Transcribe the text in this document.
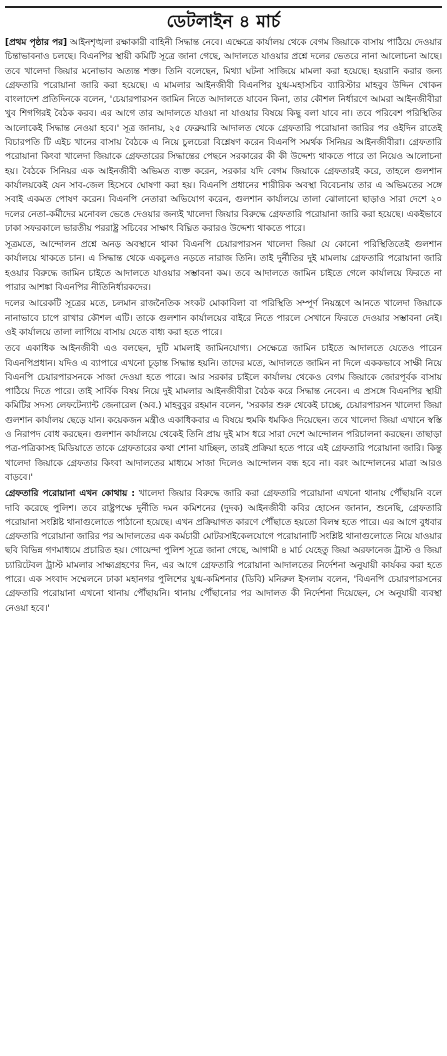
ডেটলাইন ৪ মার্চ

[প্রথম পৃষ্ঠার পর] আইনশৃঙ্খলা রক্ষাকারী বাহিনী সিদ্ধান্ত নেবে। এক্ষেত্রে কার্যালয় থেকে বেগম জিয়াকে বাসায় পাঠিয়ে দেওয়ার চিন্তাভাবনাও চলছে। বিএনপির স্থায়ী কমিটি সূত্রে জানা গেছে, আদালতে যাওয়ার প্রশ্নে দলের ভেতরে নানা আলোচনা আছে। তবে খালেদা জিয়ার মনোভাব অত্যন্ত শক্ত। তিনি বলেছেন, মিথ্যা ঘটনা সাজিয়ে মামলা করা হয়েছে। হয়রানি করার জন্য গ্রেফতারি পরোয়ানা জারি করা হয়েছে। এ মামলার আইনজীবী বিএনপির যুগ্ম-মহাসচিব ব্যারিস্টার মাহবুব উদ্দিন খোকন বাংলাদেশ প্রতিদিনকে বলেন, 'চেয়ারপারসন জামিন নিতে আদালতে যাবেন কিনা, তার কৌশল নির্ধারণে আমরা আইনজীবীরা খুব শিগগিরই বৈঠক করব। এর আগে তার আদালতে যাওয়া না যাওয়ার বিষয়ে কিছু বলা যাবে না। তবে পরিবেশ পরিস্থিতির আলোকেই সিদ্ধান্ত নেওয়া হবে।' সূত্র জানায়, ২৫ ফেব্রুয়ারি আদালত থেকে গ্রেফতারি পরোয়ানা জারির পর ওইদিন রাতেই বিচারপতি টি এইচ খানের বাসায় বৈঠকে এ নিয়ে চুলচেরা বিশ্লেষণ করেন বিএনপি সমর্থক সিনিয়র আইনজীবীরা। গ্রেফতারি পরোয়ানা কিংবা খালেদা জিয়াকে গ্রেফতারের সিদ্ধান্তের পেছনে সরকারের কী কী উদ্দেশ্য থাকতে পারে তা নিয়েও আলোচনা হয়। বৈঠকে সিনিয়র এক আইনজীবী অভিমত ব্যক্ত করেন, সরকার যদি বেগম জিয়াকে গ্রেফতারই করে, তাহলে গুলশান কার্যালয়কেই যেন সাব-জেল হিসেবে ঘোষণা করা হয়। বিএনপি প্রধানের শারীরিক অবস্থা বিবেচনায় তার এ অভিমতের সঙ্গে সবাই একমত পোষণ করেন। বিএনপি নেতারা অভিযোগ করেন, গুলশান কার্যালয়ে তালা ঝোলানো ছাড়াও সারা দেশে ২০ দলের নেতা-কর্মীদের মনোবল ভেঙে দেওয়ার জন্যই খালেদা জিয়ার বিরুদ্ধে গ্রেফতারি পরোয়ানা জারি করা হয়েছে। একইভাবে ঢাকা সফরকালে ভারতীয় পররাষ্ট্র সচিবের সাক্ষাৎ বিঘ্নিত করারও উদ্দেশ্য থাকতে পারে।

সূত্রমতে, আন্দোলন প্রশ্নে অনড় অবস্থানে থাকা বিএনপি চেয়ারপারসন খালেদা জিয়া যে কোনো পরিস্থিতিতেই গুলশান কার্যালয়ে থাকতে চান। এ সিদ্ধান্ত থেকে একচুলও নড়তে নারাজ তিনি। তাই দুর্নীতির দুই মামলায় গ্রেফতারি পরোয়ানা জারি হওয়ার বিরুদ্ধে জামিন চাইতে আদালতে যাওয়ার সম্ভাবনা কম। তবে আদালতে জামিন চাইতে গেলে কার্যালয়ে ফিরতে না পারার আশঙ্কা বিএনপির নীতিনির্ধারকদের।

দলের আরেকটি সূত্রের মতে, চলমান রাজনৈতিক সংকট মোকাবিলা বা পরিস্থিতি সম্পূর্ণ নিয়ন্ত্রণে আনতে খালেদা জিয়াকে নানাভাবে চাপে রাখার কৌশল এটি। তাকে গুলশান কার্যালয়ের বাইরে নিতে পারলে সেখানে ফিরতে দেওয়ার সম্ভাবনা নেই। ওই কার্যালয়ে তালা লাগিয়ে বাসায় যেতে বাধ্য করা হতে পারে।

তবে একাধিক আইনজীবী এও বলছেন, দুটি মামলাই জামিনযোগ্য। সেক্ষেত্রে জামিন চাইতে আদালতে যেতেও পারেন বিএনপিপ্রধান। যদিও এ ব্যাপারে এখনো চূড়ান্ত সিদ্ধান্ত হয়নি। তাদের মতে, আদালতে জামিন না দিলে এককভাবে সাক্ষী নিয়ে বিএনপি চেয়ারপারসনকে সাজা দেওয়া হতে পারে। আর সরকার চাইলে কার্যালয় থেকেও বেগম জিয়াকে জোরপূর্বক বাসায় পাঠিয়ে দিতে পারে। তাই সার্বিক বিষয় নিয়ে দুই মামলার আইনজীবীরা বৈঠক করে সিদ্ধান্ত নেবেন। এ প্রসঙ্গে বিএনপির স্থায়ী কমিটির সদস্য লেফটেন্যান্ট জেনারেল (অব.) মাহবুবুর রহমান বলেন, 'সরকার শুরু থেকেই চাচ্ছে, চেয়ারপারসন খালেদা জিয়া গুলশান কার্যালয় ছেড়ে যান। কয়েকজন মন্ত্রীও একাধিকবার এ বিষয়ে হুমকি ধমকিও দিয়েছেন। তবে খালেদা জিয়া এখানে স্বস্তি ও নিরাপদ বোধ করছেন। গুলশান কার্যালয়ে থেকেই তিনি প্রায় দুই মাস ধরে সারা দেশে আন্দোলন পরিচালনা করছেন। তাছাড়া পত্র-পত্রিকাসহ মিডিয়াতে তাকে গ্রেফতারের কথা শোনা যাচ্ছিল, তারই প্রক্রিয়া হতে পারে এই গ্রেফতারি পরোয়ানা জারি। কিন্তু খালেদা জিয়াকে গ্রেফতার কিংবা আদালতের মাধ্যমে সাজা দিলেও আন্দোলন বন্ধ হবে না। বরং আন্দোলনের মাত্রা আরও বাড়বে।'

গ্রেফতারি পরোয়ানা এখন কোথায় : খালেদা জিয়ার বিরুদ্ধে জারি করা গ্রেফতারি পরোয়ানা এখনো থানায় পৌঁছায়নি বলে দাবি করেছে পুলিশ। তবে রাষ্ট্রপক্ষে দুর্নীতি দমন কমিশনের (দুদক) আইনজীবী কবির হোসেন জানান, শুনেছি, গ্রেফতারি পরোয়ানা সংশ্লিষ্ট থানাগুলোতে পাঠানো হয়েছে। এখন প্রক্রিয়াগত কারণে পৌঁছাতে হয়তো বিলম্ব হতে পারে। এর আগে বুধবার গ্রেফতারি পরোয়ানা জারির পর আদালতের এক কর্মচারী মোটরসাইকেলযোগে পরোয়ানাটি সংশ্লিষ্ট থানাগুলোতে নিয়ে যাওয়ার ছবি বিভিন্ন গণমাধ্যমে প্রচারিত হয়। গোয়েন্দা পুলিশ সূত্রে জানা গেছে, আগামী ৪ মার্চ যেহেতু জিয়া অরফানেজ ট্রাস্ট ও জিয়া চ্যারিটেবল ট্রাস্ট মামলার সাক্ষ্যগ্রহণের দিন, এর আগে গ্রেফতারি পরোয়ানা আদালতের নির্দেশনা অনুযায়ী কার্যকর করা হতে পারে। এক সংবাদ সম্মেলনে ঢাকা মহানগর পুলিশের যুগ্ম-কমিশনার (ডিবি) মনিরুল ইসলাম বলেন, 'বিএনপি চেয়ারপারসনের গ্রেফতারি পরোয়ানা এখনো থানায় পৌঁছায়নি। থানায় পৌঁছানোর পর আদালত কী নির্দেশনা দিয়েছেন, সে অনুযায়ী ব্যবস্থা নেওয়া হবে।'
